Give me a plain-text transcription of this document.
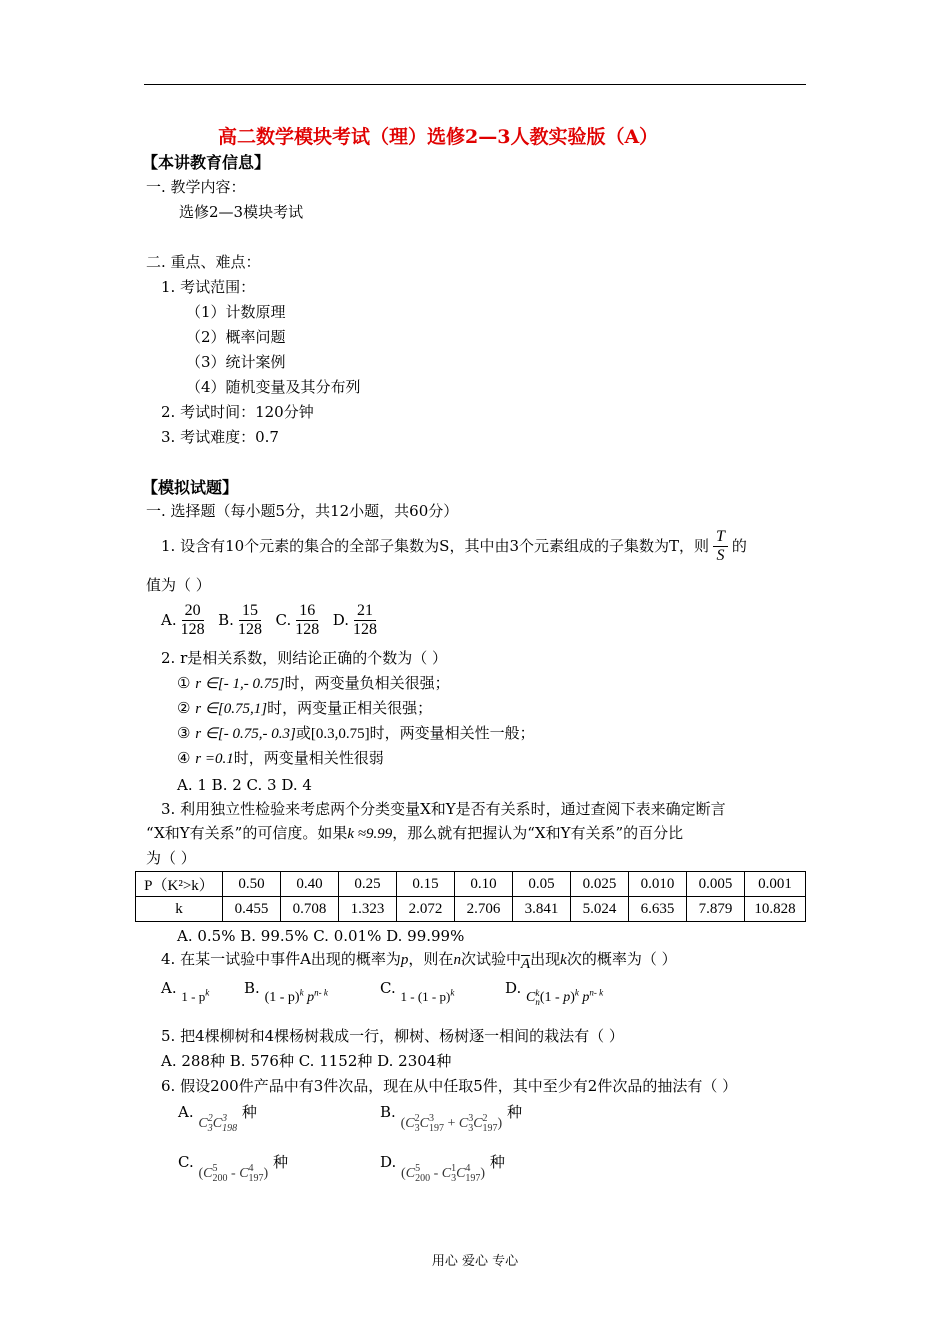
高二数学模块考试（理）选修2—3人教实验版（A）
【本讲教育信息】
一. 教学内容：
选修2—3模块考试
二. 重点、难点：
1. 考试范围：
（1）计数原理
（2）概率问题
（3）统计案例
（4）随机变量及其分布列
2. 考试时间：120分钟
3. 考试难度：0.7
【模拟试题】
一. 选择题（每小题5分，共12小题，共60分）
1. 设含有10个元素的集合的全部子集数为S，其中由3个元素组成的子集数为T，则 $\frac{T}{S}$ 的
值为（ ）
A. $\frac{20}{128} B$. $\frac{15}{128} C$. $\frac{16}{128} D$. $\frac{21}{128}$
2. r是相关系数，则结论正确的个数为（ ）
① r ∈[- 1,- 0.75]时，两变量负相关很强；
② r ∈[0.75,1]时，两变量正相关很强；
③ r ∈[- 0.75,- 0.3]或[0.3,0.75]时，两变量相关性一般；
④ r =0.1时，两变量相关性很弱
A. 1 B. 2 C. 3 D. 4
3. 利用独立性检验来考虑两个分类变量X和Y是否有关系时，通过查阅下表来确定断言
“X和Y有关系”的可信度。如果k ≈9.99，那么就有把握认为“X和Y有关系”的百分比
为（ ）
P（K²>k）	0.50	0.40	0.25	0.15	0.10	0.05	0.025	0.010	0.005	0.001
k	0.455	0.708	1.323	2.072	2.706	3.841	5.024	6.635	7.879	10.828
A. 0.5% B. 99.5% C. 0.01% D. 99.99%
4. 在某一试验中事件A出现的概率为p，则在n次试验中$\overline{A}$出现k次的概率为（ ）
A. $1 - p^k$ B. (1 - p)$^k$ $p^{n- k}$	C. 1 - (1 - p)$^k$	D. C k
n (1 - p)$^k$ $p^{n- k}$
5. 把4棵柳树和4棵杨树栽成一行，柳树、杨树逐一相间的栽法有（ ）
A. 288种 B. 576种 C. 1152种 D. 2304种
6. 假设200件产品中有3件次品，现在从中任取5件，其中至少有2件次品的抽法有（ ）
A. C 2
3 C 3
198
种	B. (C 2
3 C 3
197 + C 3
3 C 2
197 ) 种
C. (C 5
200 - C 4
197 ) 种	D. (C 5
200 - C 1
3 C 4
197 ) 种
用心 爱心 专心
